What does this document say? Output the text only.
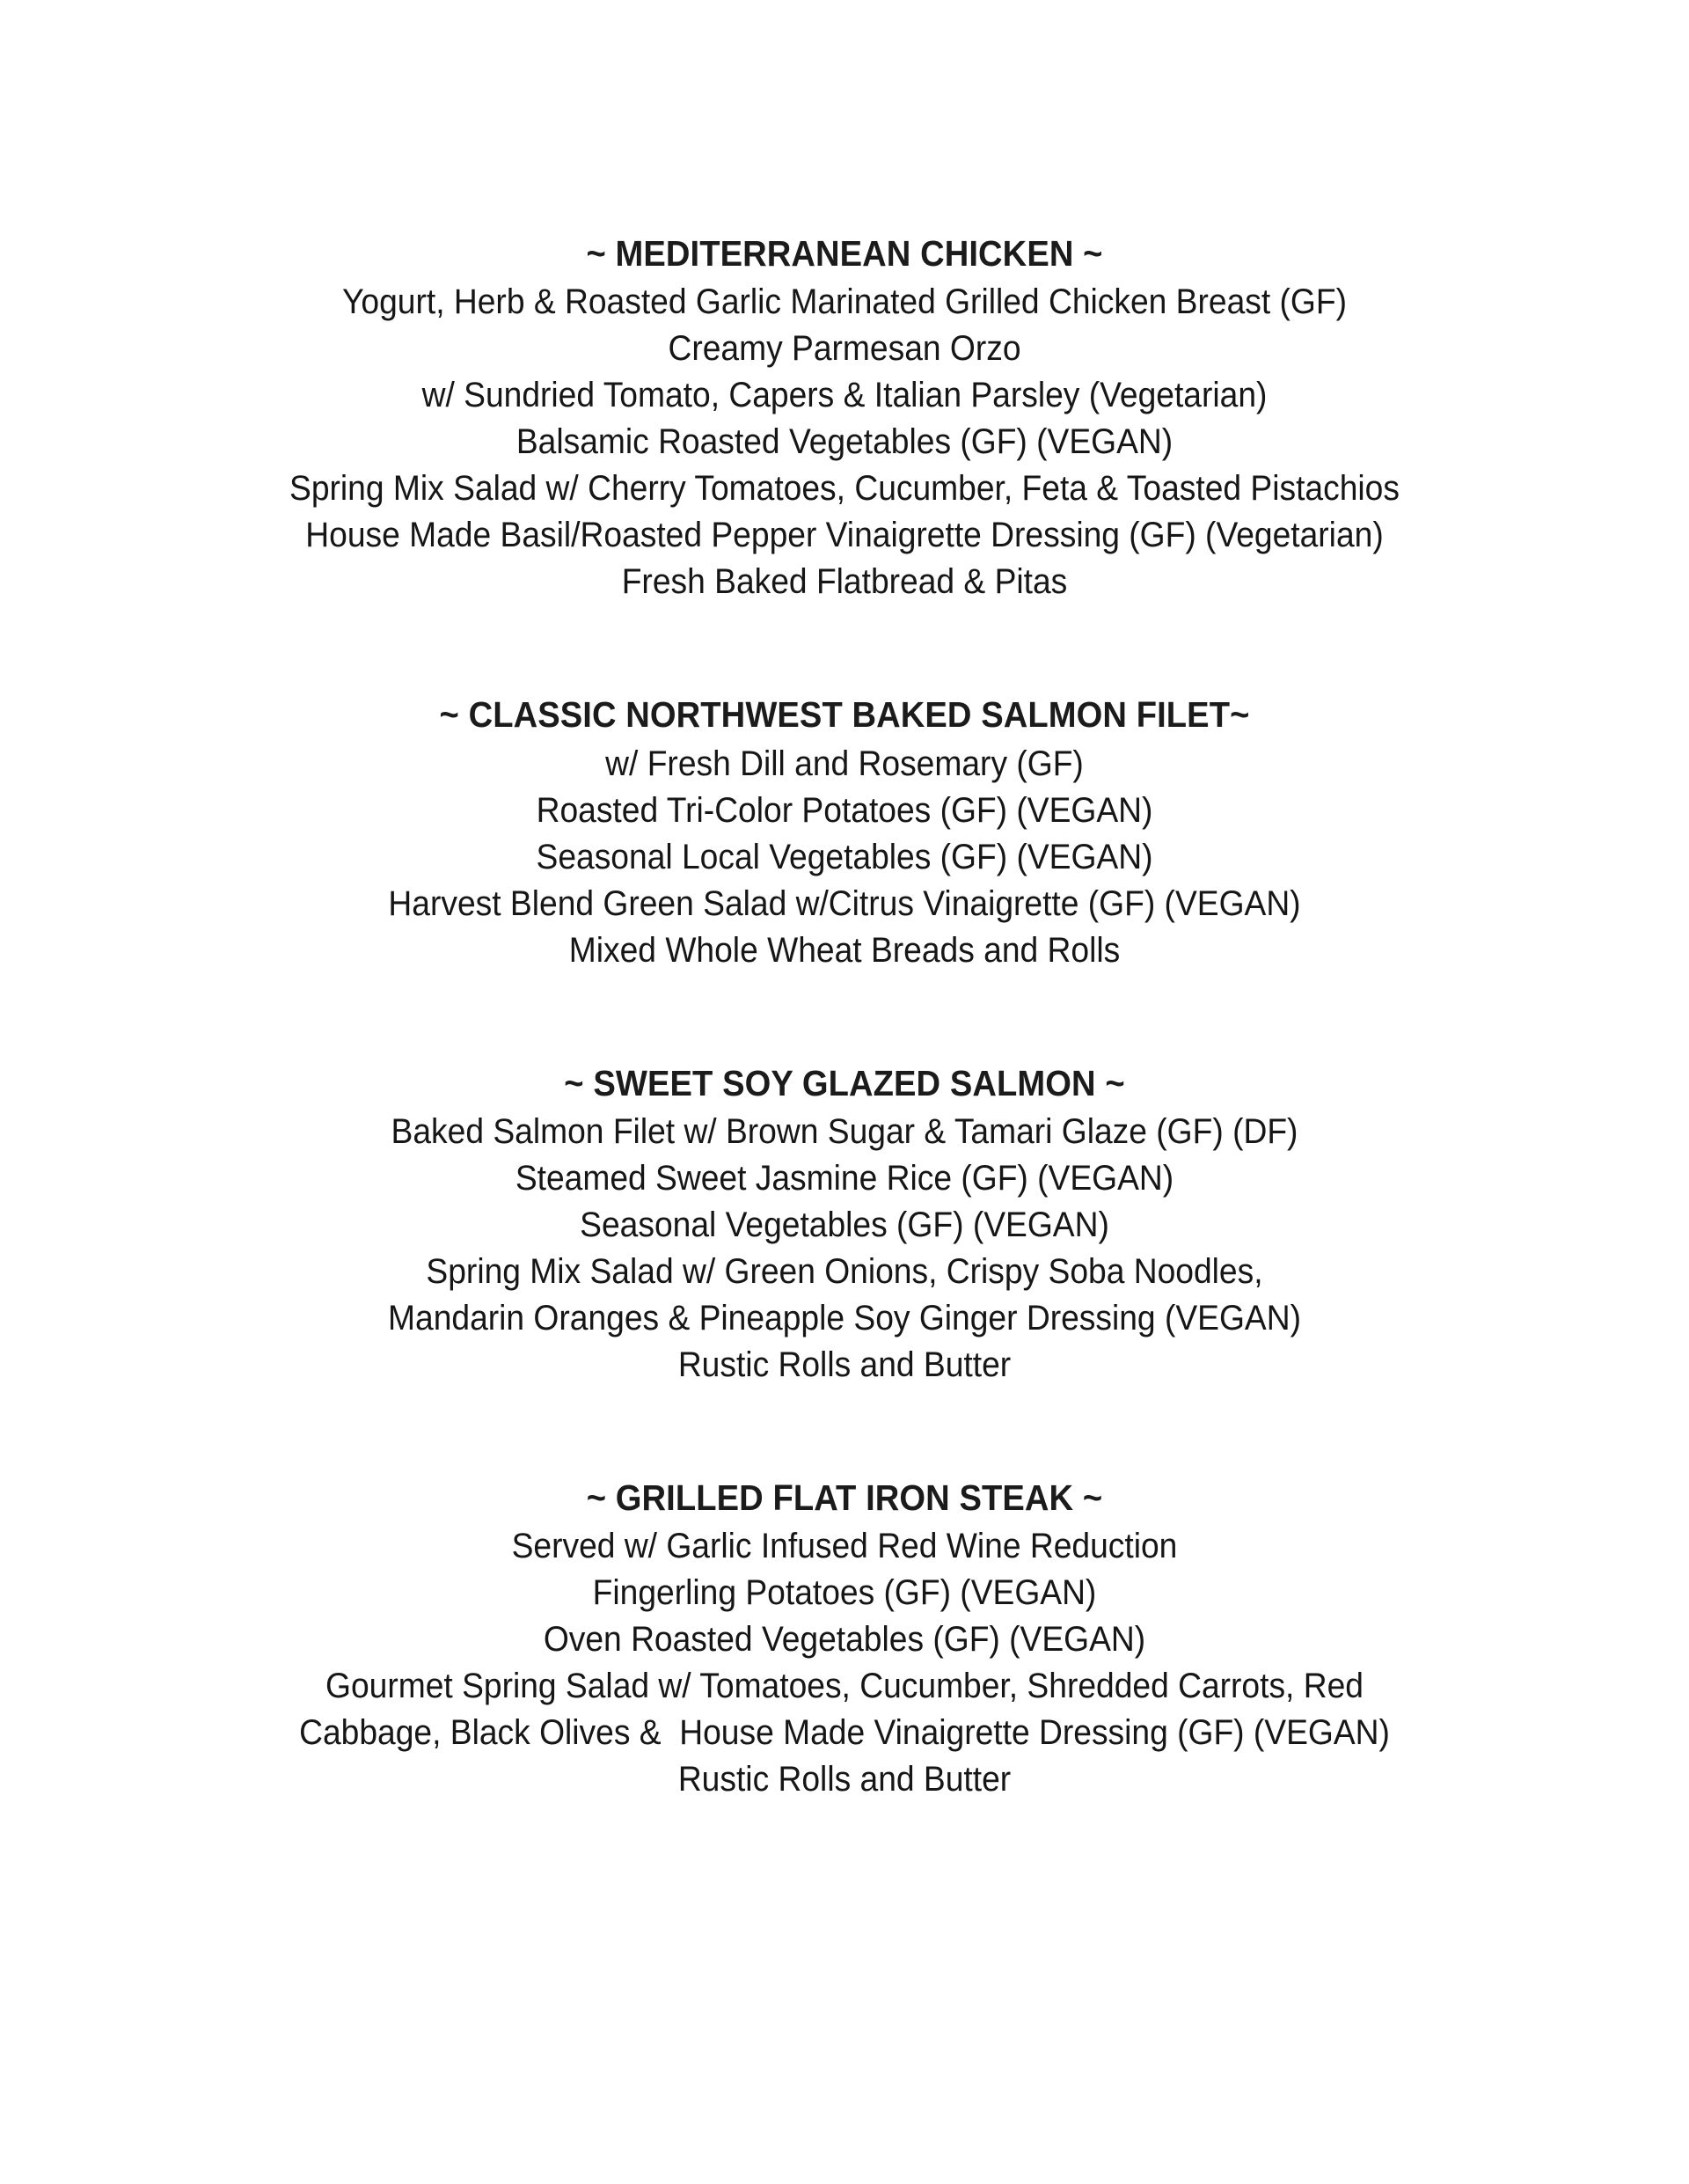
~ MEDITERRANEAN CHICKEN ~
Yogurt, Herb & Roasted Garlic Marinated Grilled Chicken Breast (GF)
Creamy Parmesan Orzo
w/ Sundried Tomato, Capers & Italian Parsley (Vegetarian)
Balsamic Roasted Vegetables (GF) (VEGAN)
Spring Mix Salad w/ Cherry Tomatoes, Cucumber, Feta & Toasted Pistachios
House Made Basil/Roasted Pepper Vinaigrette Dressing (GF) (Vegetarian)
Fresh Baked Flatbread & Pitas
~ CLASSIC NORTHWEST BAKED SALMON FILET~
w/ Fresh Dill and Rosemary (GF)
Roasted Tri-Color Potatoes (GF) (VEGAN)
Seasonal Local Vegetables (GF) (VEGAN)
Harvest Blend Green Salad w/Citrus Vinaigrette (GF) (VEGAN)
Mixed Whole Wheat Breads and Rolls
~ SWEET SOY GLAZED SALMON ~
Baked Salmon Filet w/ Brown Sugar & Tamari Glaze (GF) (DF)
Steamed Sweet Jasmine Rice (GF) (VEGAN)
Seasonal Vegetables (GF) (VEGAN)
Spring Mix Salad w/ Green Onions, Crispy Soba Noodles,
Mandarin Oranges & Pineapple Soy Ginger Dressing (VEGAN)
Rustic Rolls and Butter
~ GRILLED FLAT IRON STEAK ~
Served w/ Garlic Infused Red Wine Reduction
Fingerling Potatoes (GF) (VEGAN)
Oven Roasted Vegetables (GF) (VEGAN)
Gourmet Spring Salad w/ Tomatoes, Cucumber, Shredded Carrots, Red
Cabbage, Black Olives &  House Made Vinaigrette Dressing (GF) (VEGAN)
Rustic Rolls and Butter
